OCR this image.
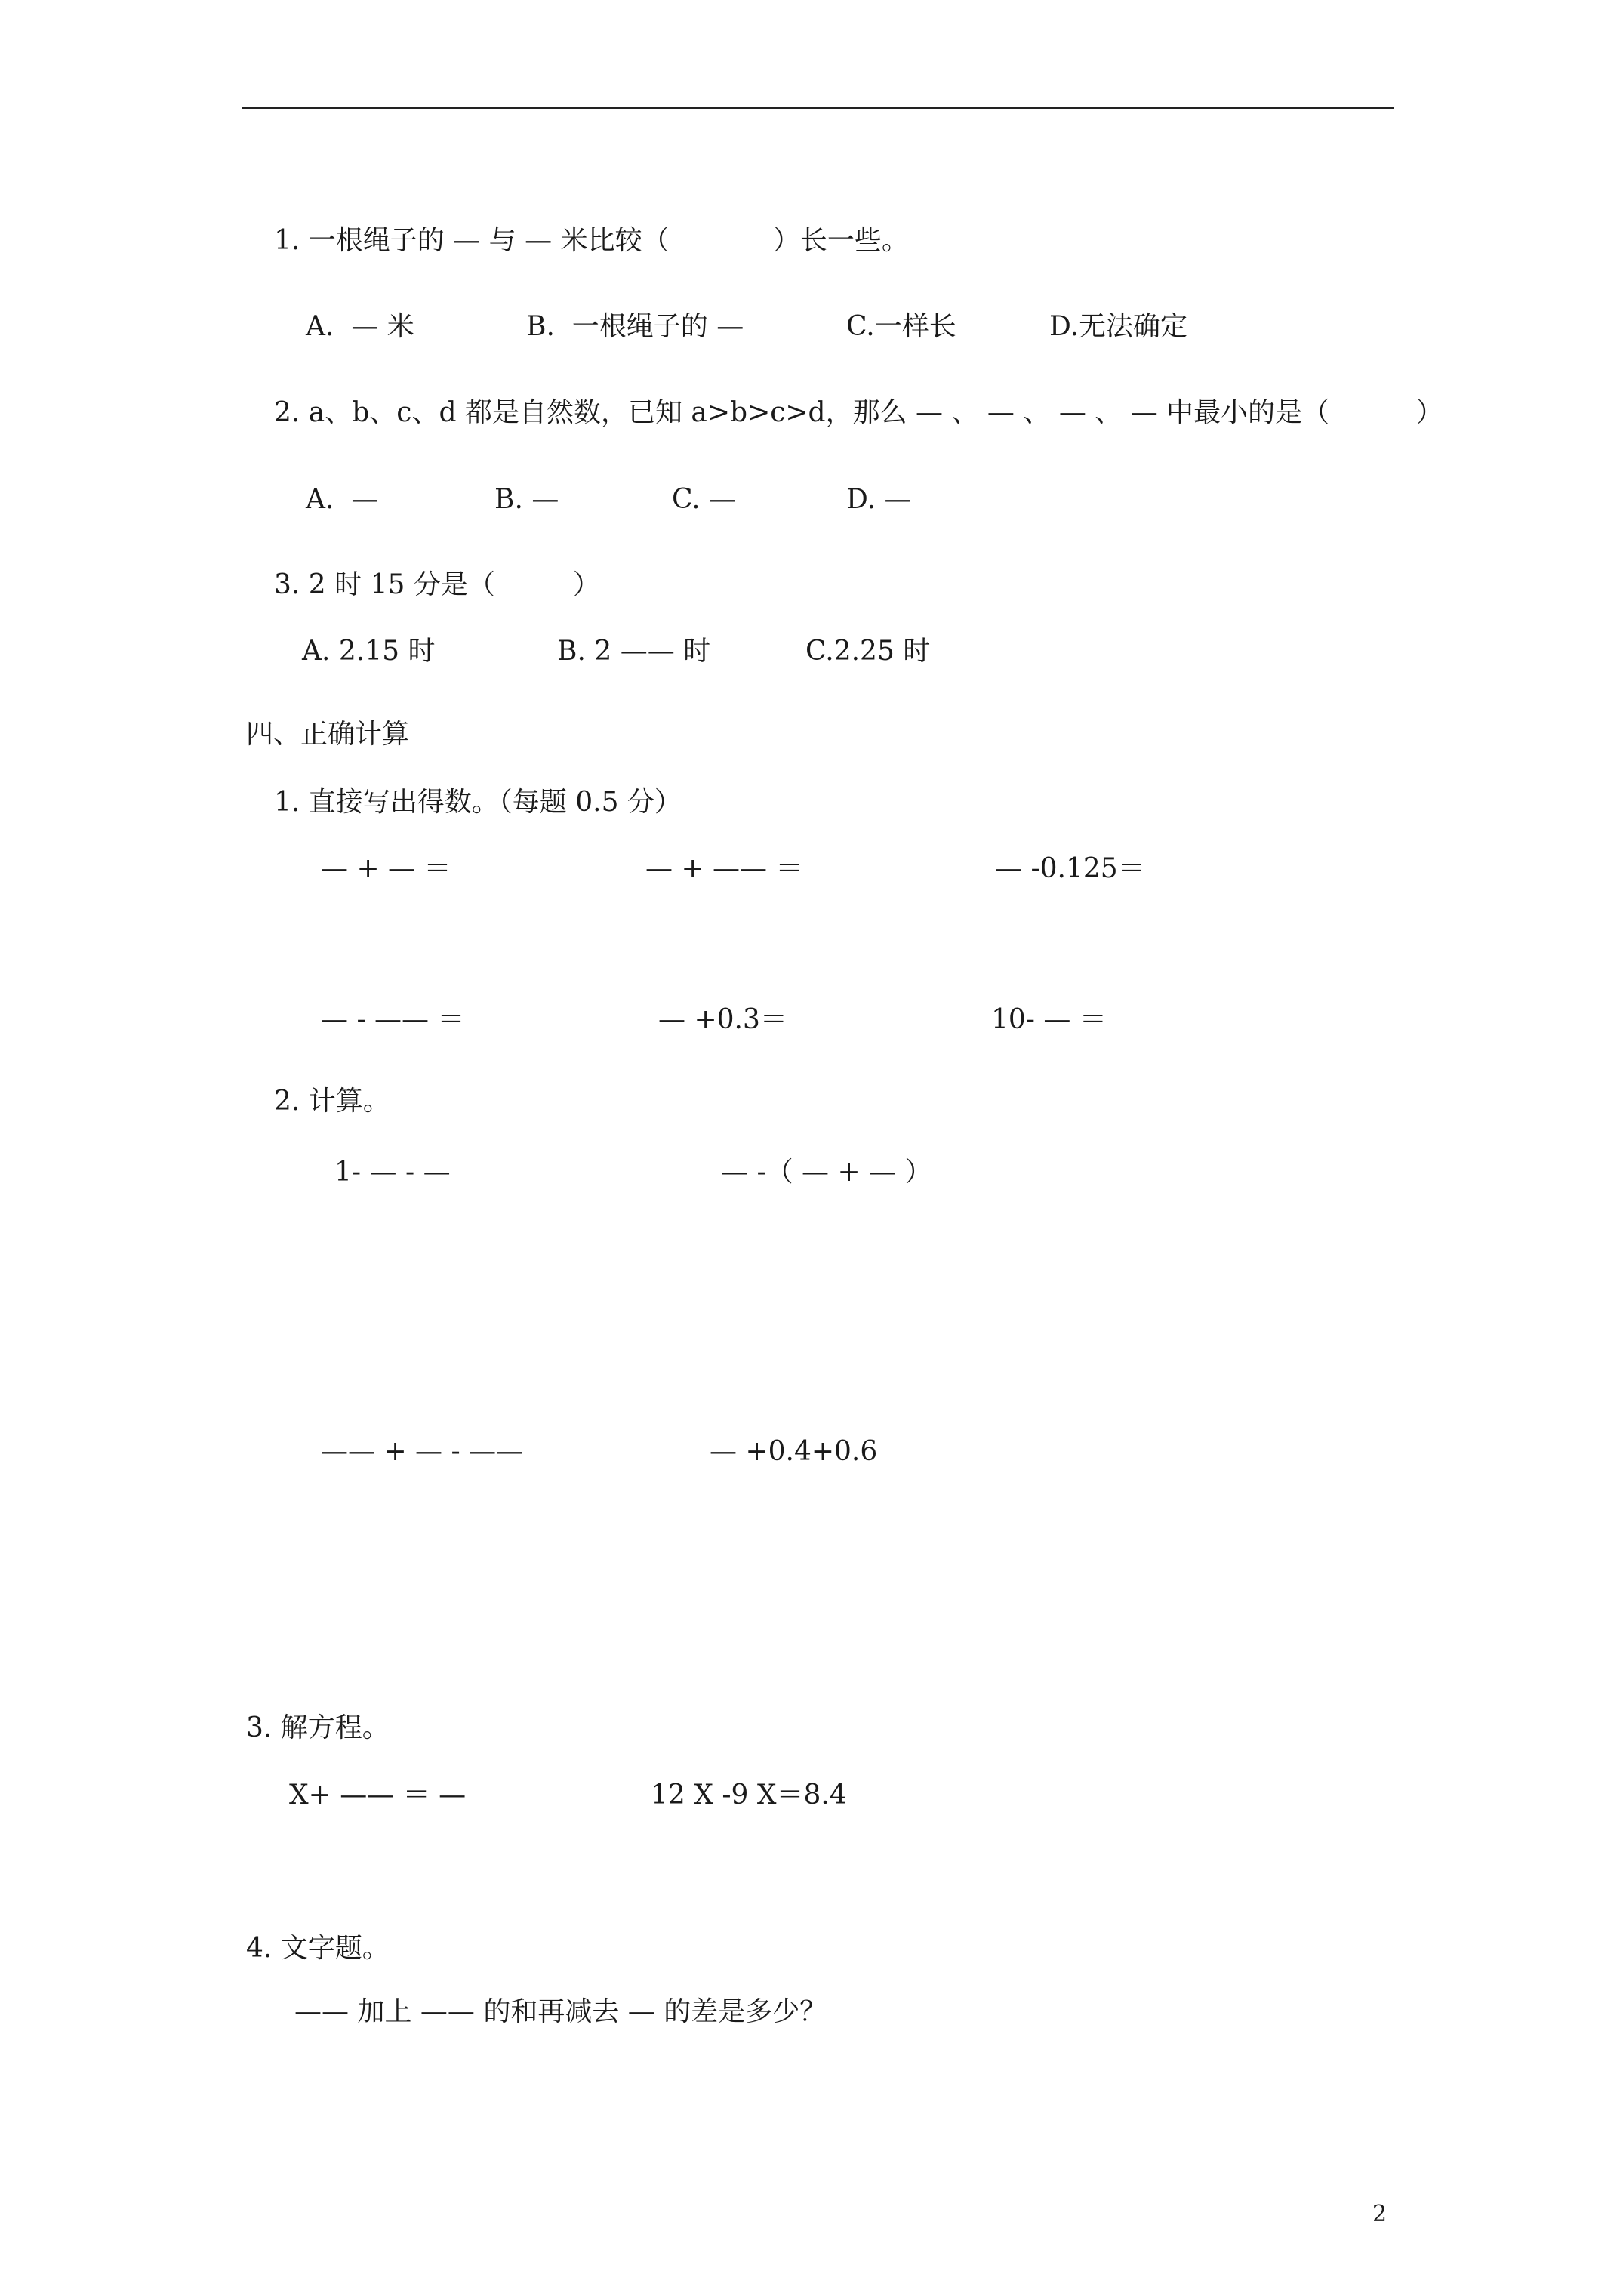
1. 一根绳子的 — 与 — 米比较（            ）长一些。
A.  — 米	B.  一根绳子的 —	C.一样长	D.无法确定
2. a、b、c、d 都是自然数，已知 a>b>c>d，那么 — 、 — 、 — 、 — 中最小的是（          ）
A.  —	B. —	C. —	D. —
3. 2 时 15 分是（         ）
A. 2.15 时	B. 2 —— 时	C.2.25 时
四、正确计算
1. 直接写出得数。（每题 0.5 分）
— + — ＝	— + —— ＝	— -0.125＝
— - —— ＝	— +0.3＝	10- — ＝
2. 计算。
1- — - —	— -（ — + — ）
—— + — - ——	— +0.4+0.6
3. 解方程。
X+ —— ＝ —	12 X -9 X＝8.4
4. 文字题。
—— 加上 —— 的和再减去 — 的差是多少？
2
